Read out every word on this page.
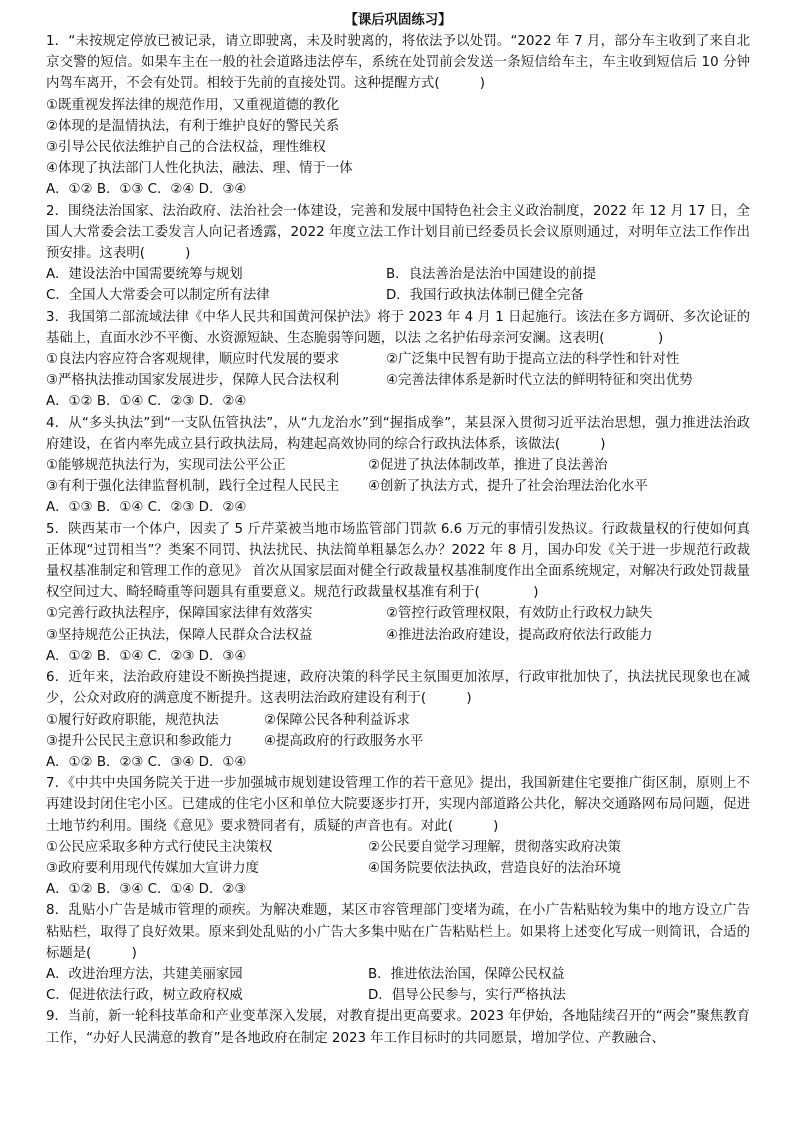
【课后巩固练习】

1．“未按规定停放已被记录，请立即驶离，未及时驶离的，将依法予以处罚。“2022 年 7 月，部分车主收到了来自北京交警的短信。如果车主在一般的社会道路违法停车，系统在处罚前会发送一条短信给车主，车主收到短信后 10 分钟内驾车离开，不会有处罚。相较于先前的直接处罚。这种提醒方式(　　　)

①既重视发挥法律的规范作用，又重视道德的教化

②体现的是温情执法，有利于维护良好的警民关系

③引导公民依法维护自己的合法权益，理性维权

④体现了执法部门人性化执法，融法、理、情于一体

A．①② B．①③ C．②④ D．③④

2．围绕法治国家、法治政府、法治社会一体建设，完善和发展中国特色社会主义政治制度，2022 年 12 月 17 日，全国人大常委会法工委发言人向记者透露，2022 年度立法工作计划目前已经委员长会议原则通过，对明年立法工作作出预安排。这表明(　　　)

A．建设法治中国需要统筹与规划	B．良法善治是法治中国建设的前提
C．全国人大常委会可以制定所有法律	D．我国行政执法体制已健全完备

3．我国第二部流域法律《中华人民共和国黄河保护法》将于 2023 年 4 月 1 日起施行。该法在多方调研、多次论证的基础上，直面水沙不平衡、水资源短缺、生态脆弱等问题，以法 之名护佑母亲河安澜。这表明(　　　　)

①良法内容应符合客观规律，顺应时代发展的要求	②广泛集中民智有助于提高立法的科学性和针对性
③严格执法推动国家发展进步，保障人民合法权利	④完善法律体系是新时代立法的鲜明特征和突出优势

A．①② B．①④ C．②③ D．②④

4．从“多头执法”到“一支队伍管执法”，从“九龙治水”到“握指成拳”，某县深入贯彻习近平法治思想，强力推进法治政府建设，在省内率先成立县行政执法局，构建起高效协同的综合行政执法体系，该做法(　　　)

①能够规范执法行为，实现司法公平公正	②促进了执法体制改革，推进了良法善治
③有利于强化法律监督机制，践行全过程人民民主	④创新了执法方式，提升了社会治理法治化水平

A．①③ B．①④ C．②③ D．②④

5．陕西某市一个体户，因卖了 5 斤芹菜被当地市场监管部门罚款 6.6 万元的事情引发热议。行政裁量权的行使如何真正体现“过罚相当”？类案不同罚、执法扰民、执法简单粗暴怎么办？2022 年 8 月，国办印发《关于进一步规范行政裁量权基准制定和管理工作的意见》 首次从国家层面对健全行政裁量权基准制度作出全面系统规定，对解决行政处罚裁量权空间过大、畸轻畸重等问题具有重要意义。规范行政裁量权基准有利于(　　　　)

①完善行政执法程序，保障国家法律有效落实	②管控行政管理权限，有效防止行政权力缺失
③坚持规范公正执法，保障人民群众合法权益	④推进法治政府建设，提高政府依法行政能力

A．①② B．①④ C．②③ D．③④

6．近年来，法治政府建设不断换挡提速，政府决策的科学民主氛围更加浓厚，行政审批加快了，执法扰民现象也在减少，公众对政府的满意度不断提升。这表明法治政府建设有利于(　　　)

①履行好政府职能，规范执法	②保障公民各种利益诉求
③提升公民民主意识和参政能力	④提高政府的行政服务水平

A．①② B．②③ C．③④ D．①④

7．《中共中央国务院关于进一步加强城市规划建设管理工作的若干意见》提出，我国新建住宅要推广街区制，原则上不再建设封闭住宅小区。已建成的住宅小区和单位大院要逐步打开，实现内部道路公共化，解决交通路网布局问题，促进土地节约利用。围绕《意见》要求赞同者有，质疑的声音也有。对此(　　　)

①公民应采取多种方式行使民主决策权	②公民要自觉学习理解，贯彻落实政府决策
③政府要利用现代传媒加大宣讲力度	④国务院要依法执政，营造良好的法治环境

A．①② B．③④ C．①④ D．②③

8．乱贴小广告是城市管理的顽疾。为解决难题，某区市容管理部门变堵为疏，在小广告粘贴较为集中的地方设立广告粘贴栏，取得了良好效果。原来到处乱贴的小广告大多集中贴在广告粘贴栏上。如果将上述变化写成一则简讯，合适的标题是(　　　)

A．改进治理方法，共建美丽家园	B．推进依法治国，保障公民权益
C．促进依法行政，树立政府权威	D．倡导公民参与，实行严格执法

9．当前，新一轮科技革命和产业变革深入发展，对教育提出更高要求。2023 年伊始，各地陆续召开的“两会”聚焦教育工作，“办好人民满意的教育”是各地政府在制定 2023 年工作目标时的共同愿景，增加学位、产教融合、
